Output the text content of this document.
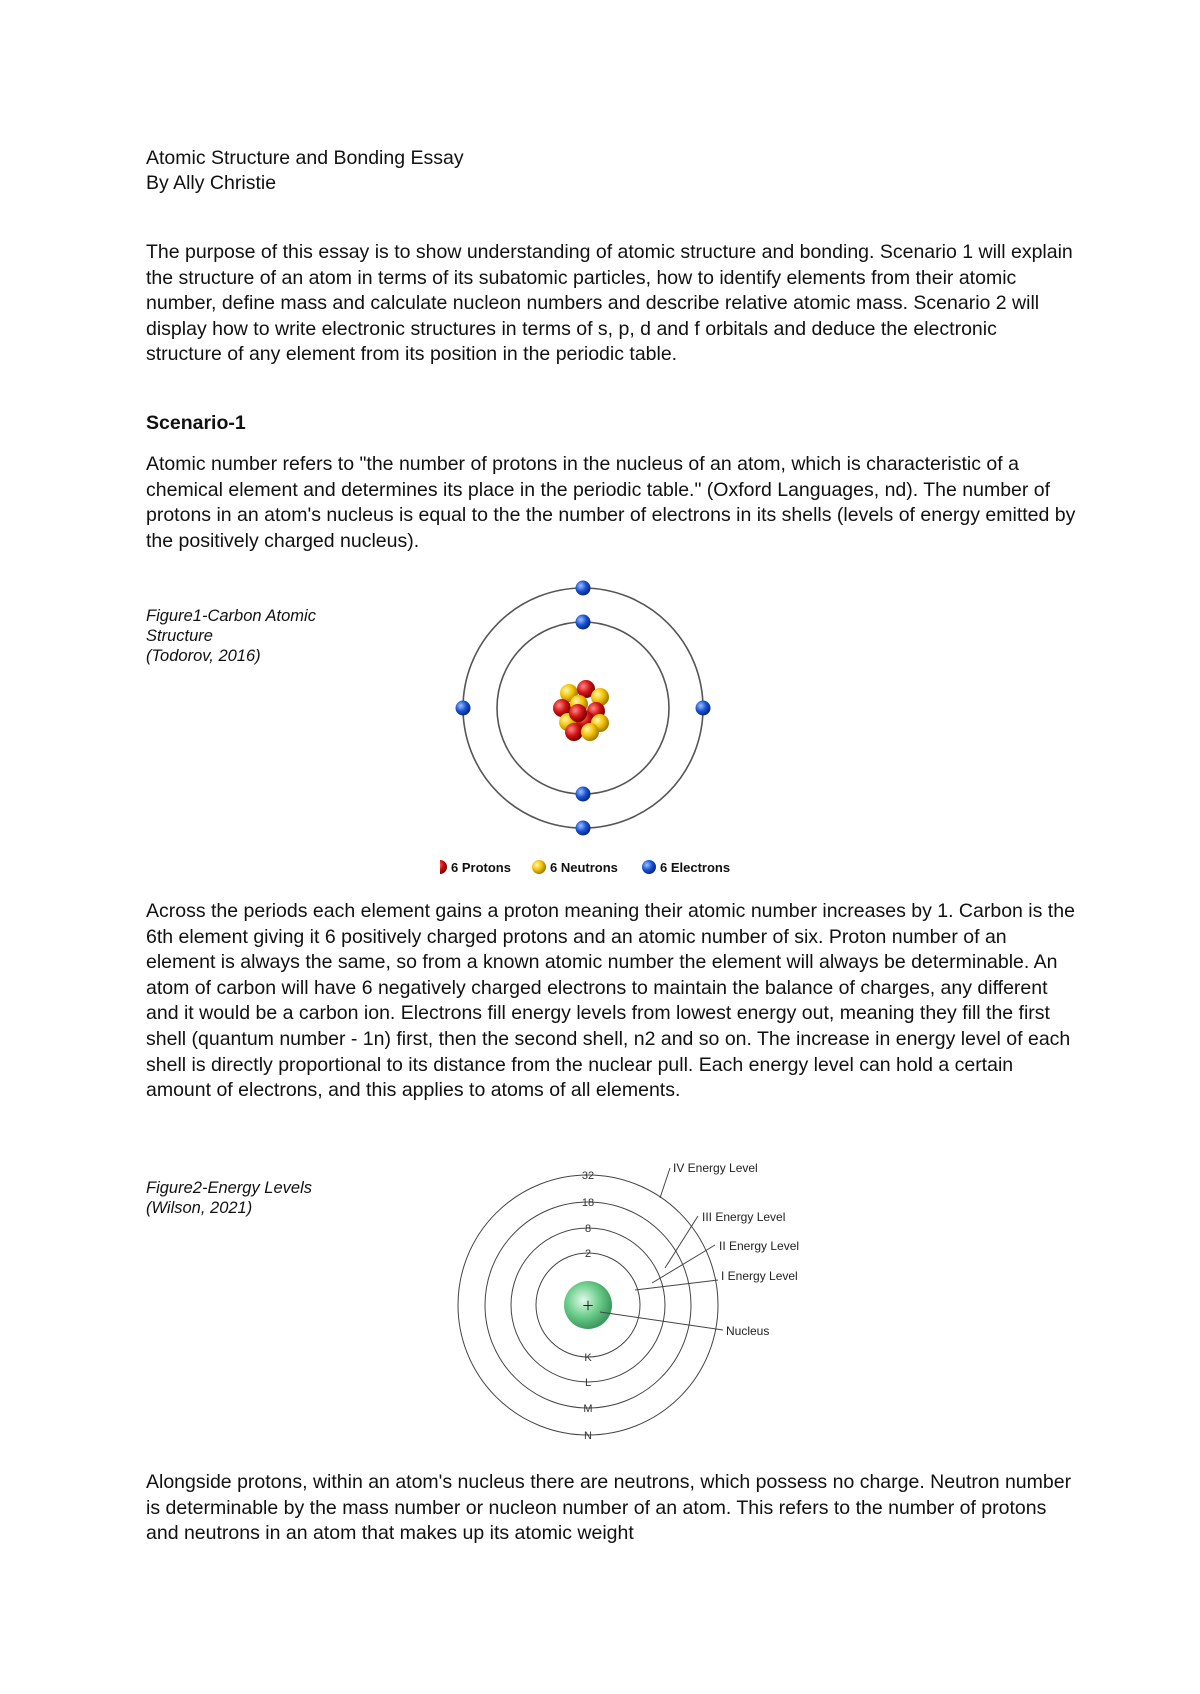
Atomic Structure and Bonding Essay

By Ally Christie

The purpose of this essay is to show understanding of atomic structure and bonding. Scenario 1 will explain the structure of an atom in terms of its subatomic particles, how to identify elements from their atomic number, define mass and calculate nucleon numbers and describe relative atomic mass. Scenario 2 will display how to write electronic structures in terms of s, p, d and f orbitals and deduce the electronic structure of any element from its position in the periodic table.

Scenario-1

Atomic number refers to "the number of protons in the nucleus of an atom, which is characteristic of a chemical element and determines its place in the periodic table." (Oxford Languages, nd). The number of protons in an atom's nucleus is equal to the the number of electrons in its shells (levels of energy emitted by the positively charged nucleus).

Figure1-Carbon Atomic
Structure
(Todorov, 2016)
6 Protons	6 Neutrons	6 Electrons

Across the periods each element gains a proton meaning their atomic number increases by 1. Carbon is the 6th element giving it 6 positively charged protons and an atomic number of six. Proton number of an element is always the same, so from a known atomic number the element will always be determinable. An atom of carbon will have 6 negatively charged electrons to maintain the balance of charges, any different and it would be a carbon ion. Electrons fill energy levels from lowest energy out, meaning they fill the first shell (quantum number - 1n) first, then the second shell, n2 and so on. The increase in energy level of each shell is directly proportional to its distance from the nuclear pull. Each energy level can hold a certain amount of electrons, and this applies to atoms of all elements.

Figure2-Energy Levels
(Wilson, 2021)
+
32
18
8
2
K
L
M
N
IV Energy Level
III Energy Level
II Energy Level
I Energy Level
Nucleus

Alongside protons, within an atom's nucleus there are neutrons, which possess no charge. Neutron number is determinable by the mass number or nucleon number of an atom. This refers to the number of protons and neutrons in an atom that makes up its atomic weight
